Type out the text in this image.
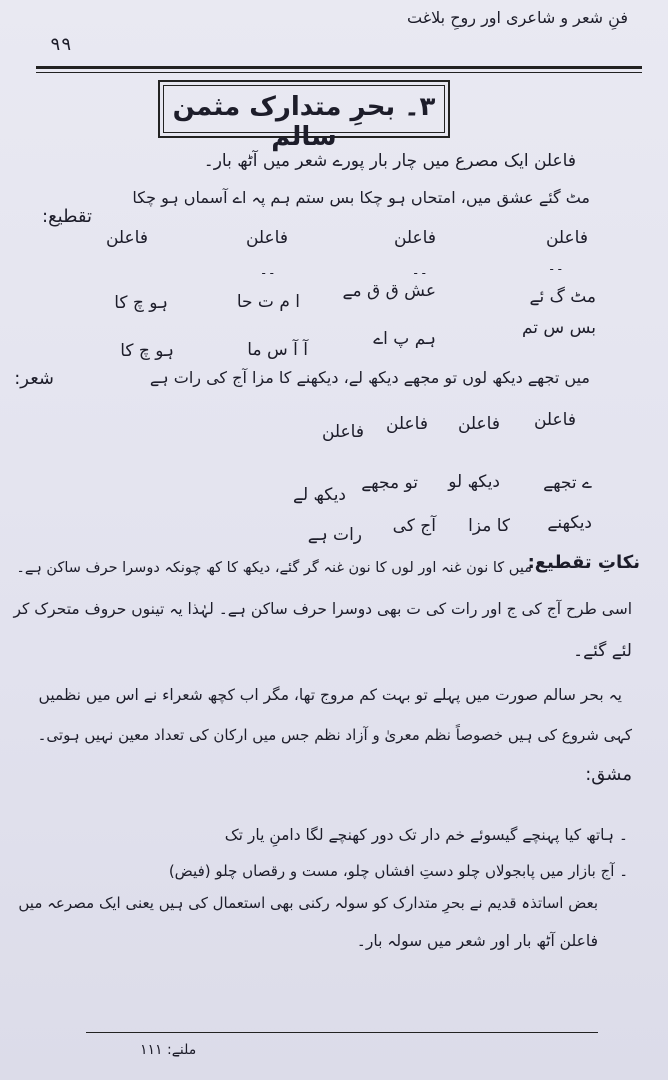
فنِ شعر و شاعری اور روحِ بلاغت
۹۹
۳۔ بحرِ متدارک مثمن سالم
فاعلن ایک مصرع میں چار بار پورے شعر میں آٹھ بار۔
مٹ گئے عشق میں، امتحاں ہو چکا بس ستم ہم پہ اے آسماں ہو چکا
تقطیع:
فاعلن
فاعلن
فاعلن
فاعلن
- -
- -
- -
مٹ گ ئے
عش ق ق مے
ا م ت حا
ہو چ کا
بس س تم
ہم پ اے
آ آ س ما
ہو چ کا
شعر:	میں تجھے دیکھ لوں تو مجھے دیکھ لے، دیکھنے کا مزا آج کی رات ہے
فاعلن
فاعلن
فاعلن
فاعلن
ے تجھے
دیکھ لو
تو مجھے
دیکھ لے
دیکھنے
کا مزا
آج کی
رات ہے
نکاتِ تقطیع:
میں کا نون غنہ اور لوں کا نون غنہ گر گئے، دیکھ کا کھ چونکہ دوسرا حرف ساکن ہے۔
اسی طرح آج کی ج اور رات کی ت بھی دوسرا حرف ساکن ہے۔ لہٰذا یہ تینوں حروف متحرک کر
لئے گئے۔
یہ بحر سالم صورت میں پہلے تو بہت کم مروج تھا، مگر اب کچھ شعراء نے اس میں نظمیں
کہی شروع کی ہیں خصوصاً نظم معریٰ و آزاد نظم جس میں ارکان کی تعداد معین نہیں ہوتی۔
مشق:
۔ ہاتھ کیا پہنچے گیسوئے خم دار تک دور کھنچے لگا دامنِ یار تک
۔ آج بازار میں پابجولاں چلو دستِ افشاں چلو، مست و رقصاں چلو (فیض)
بعض اساتذہ قدیم نے بحرِ متدارک کو سولہ رکنی بھی استعمال کی ہیں یعنی ایک مصرعہ میں
فاعلن آٹھ بار اور شعر میں سولہ بار۔
ملنے: ۱۱۱
